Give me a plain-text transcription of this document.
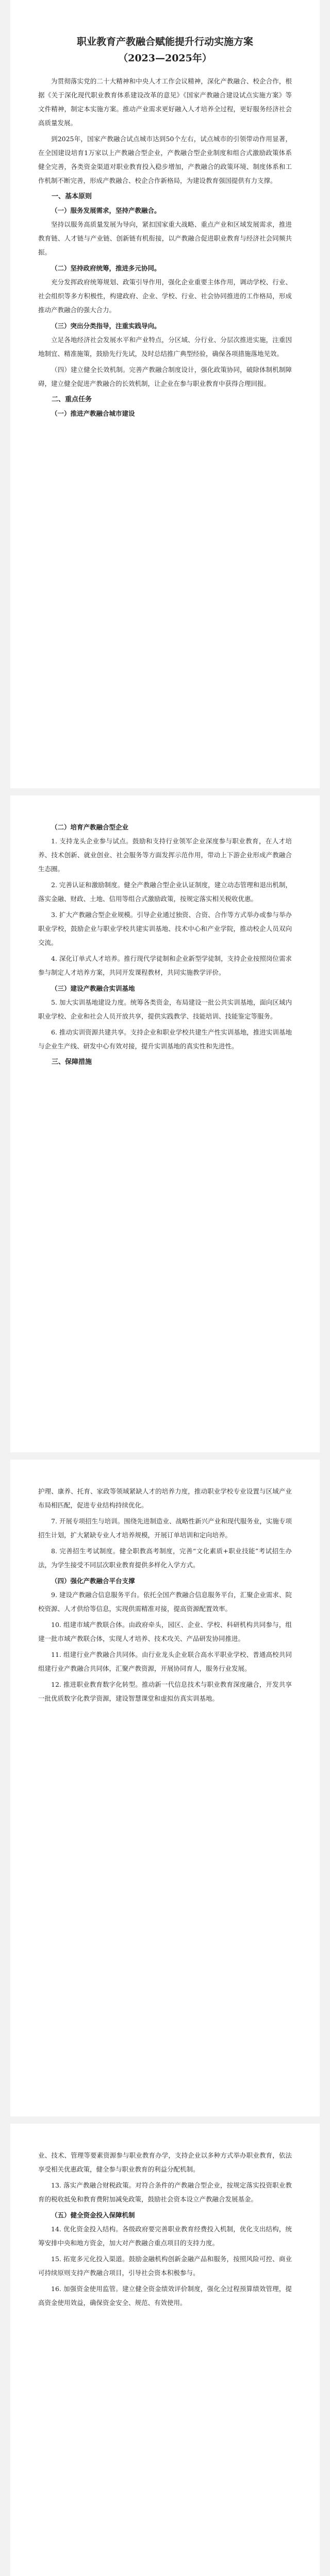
职业教育产教融合赋能提升行动实施方案
（2023—2025年）

为贯彻落实党的二十大精神和中央人才工作会议精神，深化产教融合、校企合作，根据《关于深化现代职业教育体系建设改革的意见》《国家产教融合建设试点实施方案》等文件精神，制定本实施方案。推动产业需求更好融入人才培养全过程，更好服务经济社会高质量发展。

到2025年，国家产教融合试点城市达到50个左右，试点城市的引领带动作用显著，在全国建设培育1万家以上产教融合型企业，产教融合型企业制度和组合式激励政策体系健全完善，各类资金渠道对职业教育投入稳步增加，产教融合的政策环境、制度体系和工作机制不断完善，形成产教融合、校企合作新格局，为建设教育强国提供有力支撑。

一、基本原则
（一）服务发展需求，坚持产教融合。

坚持以服务高质量发展为导向，紧扣国家重大战略、重点产业和区域发展需求，推进教育链、人才链与产业链、创新链有机衔接，以产教融合促进职业教育与经济社会同频共振。

（二）坚持政府统筹，推进多元协同。

充分发挥政府统筹规划、政策引导作用，强化企业重要主体作用，调动学校、行业、社会组织等多方积极性，构建政府、企业、学校、行业、社会协同推进的工作格局，形成推动产教融合的强大合力。

（三）突出分类指导，注重实践导向。

立足各地经济社会发展水平和产业特点，分区域、分行业、分层次推进实施，注重因地制宜、精准施策，鼓励先行先试，及时总结推广典型经验，确保各项措施落地见效。

（四）建立健全长效机制。完善产教融合制度设计，强化政策协同，破除体制机制障碍，建立健全促进产教融合的长效机制，让企业在参与职业教育中获得合理回报。

二、重点任务
（一）推进产教融合城市建设
（二）培育产教融合型企业

1. 支持龙头企业参与试点。鼓励和支持行业领军企业深度参与职业教育，在人才培养、技术创新、就业创业、社会服务等方面发挥示范作用，带动上下游企业形成产教融合生态圈。

2. 完善认证和激励制度。健全产教融合型企业认证制度，建立动态管理和退出机制，落实金融、财政、土地、信用等组合式激励政策，按规定落实相关税收优惠。

3. 扩大产教融合型企业规模。引导企业通过独资、合资、合作等方式举办或参与举办职业学校，鼓励企业与职业学校共建实训基地、技术中心和产业学院，推动校企人员双向交流。

4. 深化订单式人才培养。推行现代学徒制和企业新型学徒制，支持企业按照岗位需求参与制定人才培养方案，共同开发课程教材，共同实施教学评价。

（三）建设产教融合实训基地

5. 加大实训基地建设力度。统筹各类资金，布局建设一批公共实训基地，面向区域内职业学校、企业和社会人员开放共享，提供实践教学、技能培训、技能鉴定等服务。

6. 推动实训资源共建共享。支持企业和职业学校共建生产性实训基地，推进实训基地与企业生产线、研发中心有效对接，提升实训基地的真实性和先进性。

三、保障措施

护理、康养、托育、家政等领域紧缺人才的培养力度，推动职业学校专业设置与区域产业布局相匹配，促进专业结构持续优化。

7. 开展专项招生与培训。围绕先进制造业、战略性新兴产业和现代服务业，实施专项招生计划，扩大紧缺专业人才培养规模，开展订单培训和定向培养。

8. 完善招生考试制度。健全职教高考制度，完善“文化素质+职业技能”考试招生办法，为学生接受不同层次职业教育提供多样化入学方式。

（四）强化产教融合平台支撑

9. 建设产教融合信息服务平台。依托全国产教融合信息服务平台，汇聚企业需求、院校资源、人才供给等信息，实现供需精准对接，提高资源配置效率。

10. 组建市域产教联合体。由政府牵头，园区、企业、学校、科研机构共同参与，组建一批市域产教联合体，实现人才培养、技术攻关、产品研发协同推进。

11. 组建行业产教融合共同体。由行业龙头企业联合高水平职业学校、普通高校共同组建行业产教融合共同体，汇聚产教资源，开展协同育人，服务行业发展。

12. 推进职业教育数字化转型。推动新一代信息技术与职业教育深度融合，开发共享一批优质数字化教学资源，建设智慧课堂和虚拟仿真实训基地。

业、技术、管理等要素资源参与职业教育办学，支持企业以多种方式举办职业教育，依法享受相关优惠政策，健全参与职业教育的利益分配机制。

13. 落实产教融合财税政策。对符合条件的产教融合型企业，按规定落实投资职业教育的税收抵免和教育费附加减免政策，鼓励社会资本设立产教融合发展基金。

（五）健全资金投入保障机制

14. 优化资金投入结构。各级政府要完善职业教育经费投入机制，优化支出结构，统筹安排中央和地方资金，加大对产教融合重点项目的支持力度。

15. 拓宽多元化投入渠道。鼓励金融机构创新金融产品和服务，按照风险可控、商业可持续原则支持产教融合项目，引导社会资本积极参与。

16. 加强资金使用监管。建立健全资金绩效评价制度，强化全过程预算绩效管理，提高资金使用效益，确保资金安全、规范、有效使用。
